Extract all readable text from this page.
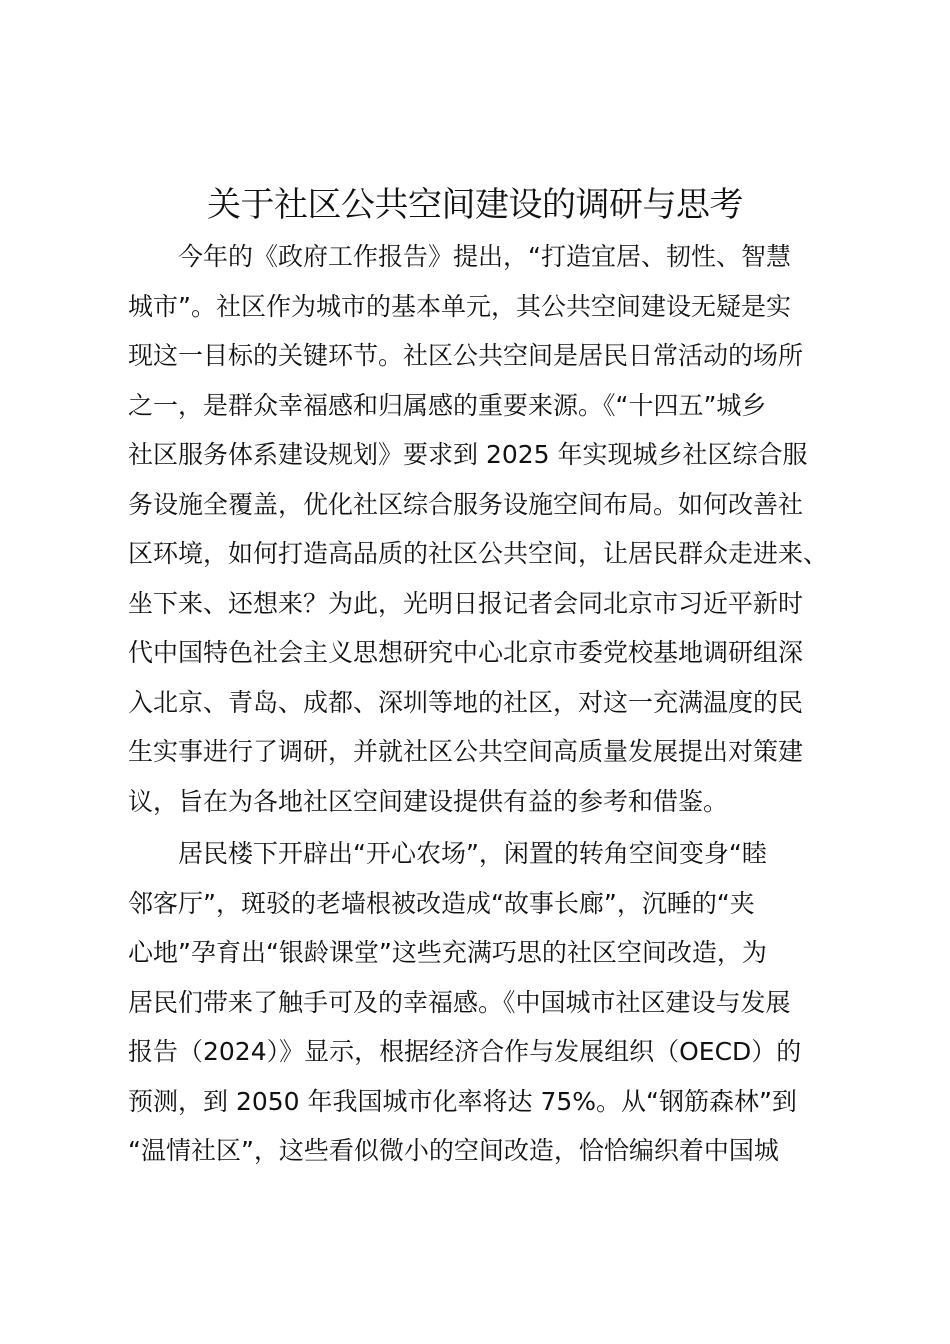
关于社区公共空间建设的调研与思考
今年的《政府工作报告》提出，“打造宜居、韧性、智慧
城市”。社区作为城市的基本单元，其公共空间建设无疑是实
现这一目标的关键环节。社区公共空间是居民日常活动的场所
之一，是群众幸福感和归属感的重要来源。《“十四五”城乡
社区服务体系建设规划》要求到 2025 年实现城乡社区综合服
务设施全覆盖，优化社区综合服务设施空间布局。如何改善社
区环境，如何打造高品质的社区公共空间，让居民群众走进来、
坐下来、还想来？为此，光明日报记者会同北京市习近平新时
代中国特色社会主义思想研究中心北京市委党校基地调研组深
入北京、青岛、成都、深圳等地的社区，对这一充满温度的民
生实事进行了调研，并就社区公共空间高质量发展提出对策建
议，旨在为各地社区空间建设提供有益的参考和借鉴。
居民楼下开辟出“开心农场”，闲置的转角空间变身“睦
邻客厅”，斑驳的老墙根被改造成“故事长廊”，沉睡的“夹
心地”孕育出“银龄课堂”这些充满巧思的社区空间改造，为
居民们带来了触手可及的幸福感。《中国城市社区建设与发展
报告（2024）》显示，根据经济合作与发展组织（OECD）的
预测，到 2050 年我国城市化率将达 75%。从“钢筋森林”到
“温情社区”，这些看似微小的空间改造，恰恰编织着中国城
